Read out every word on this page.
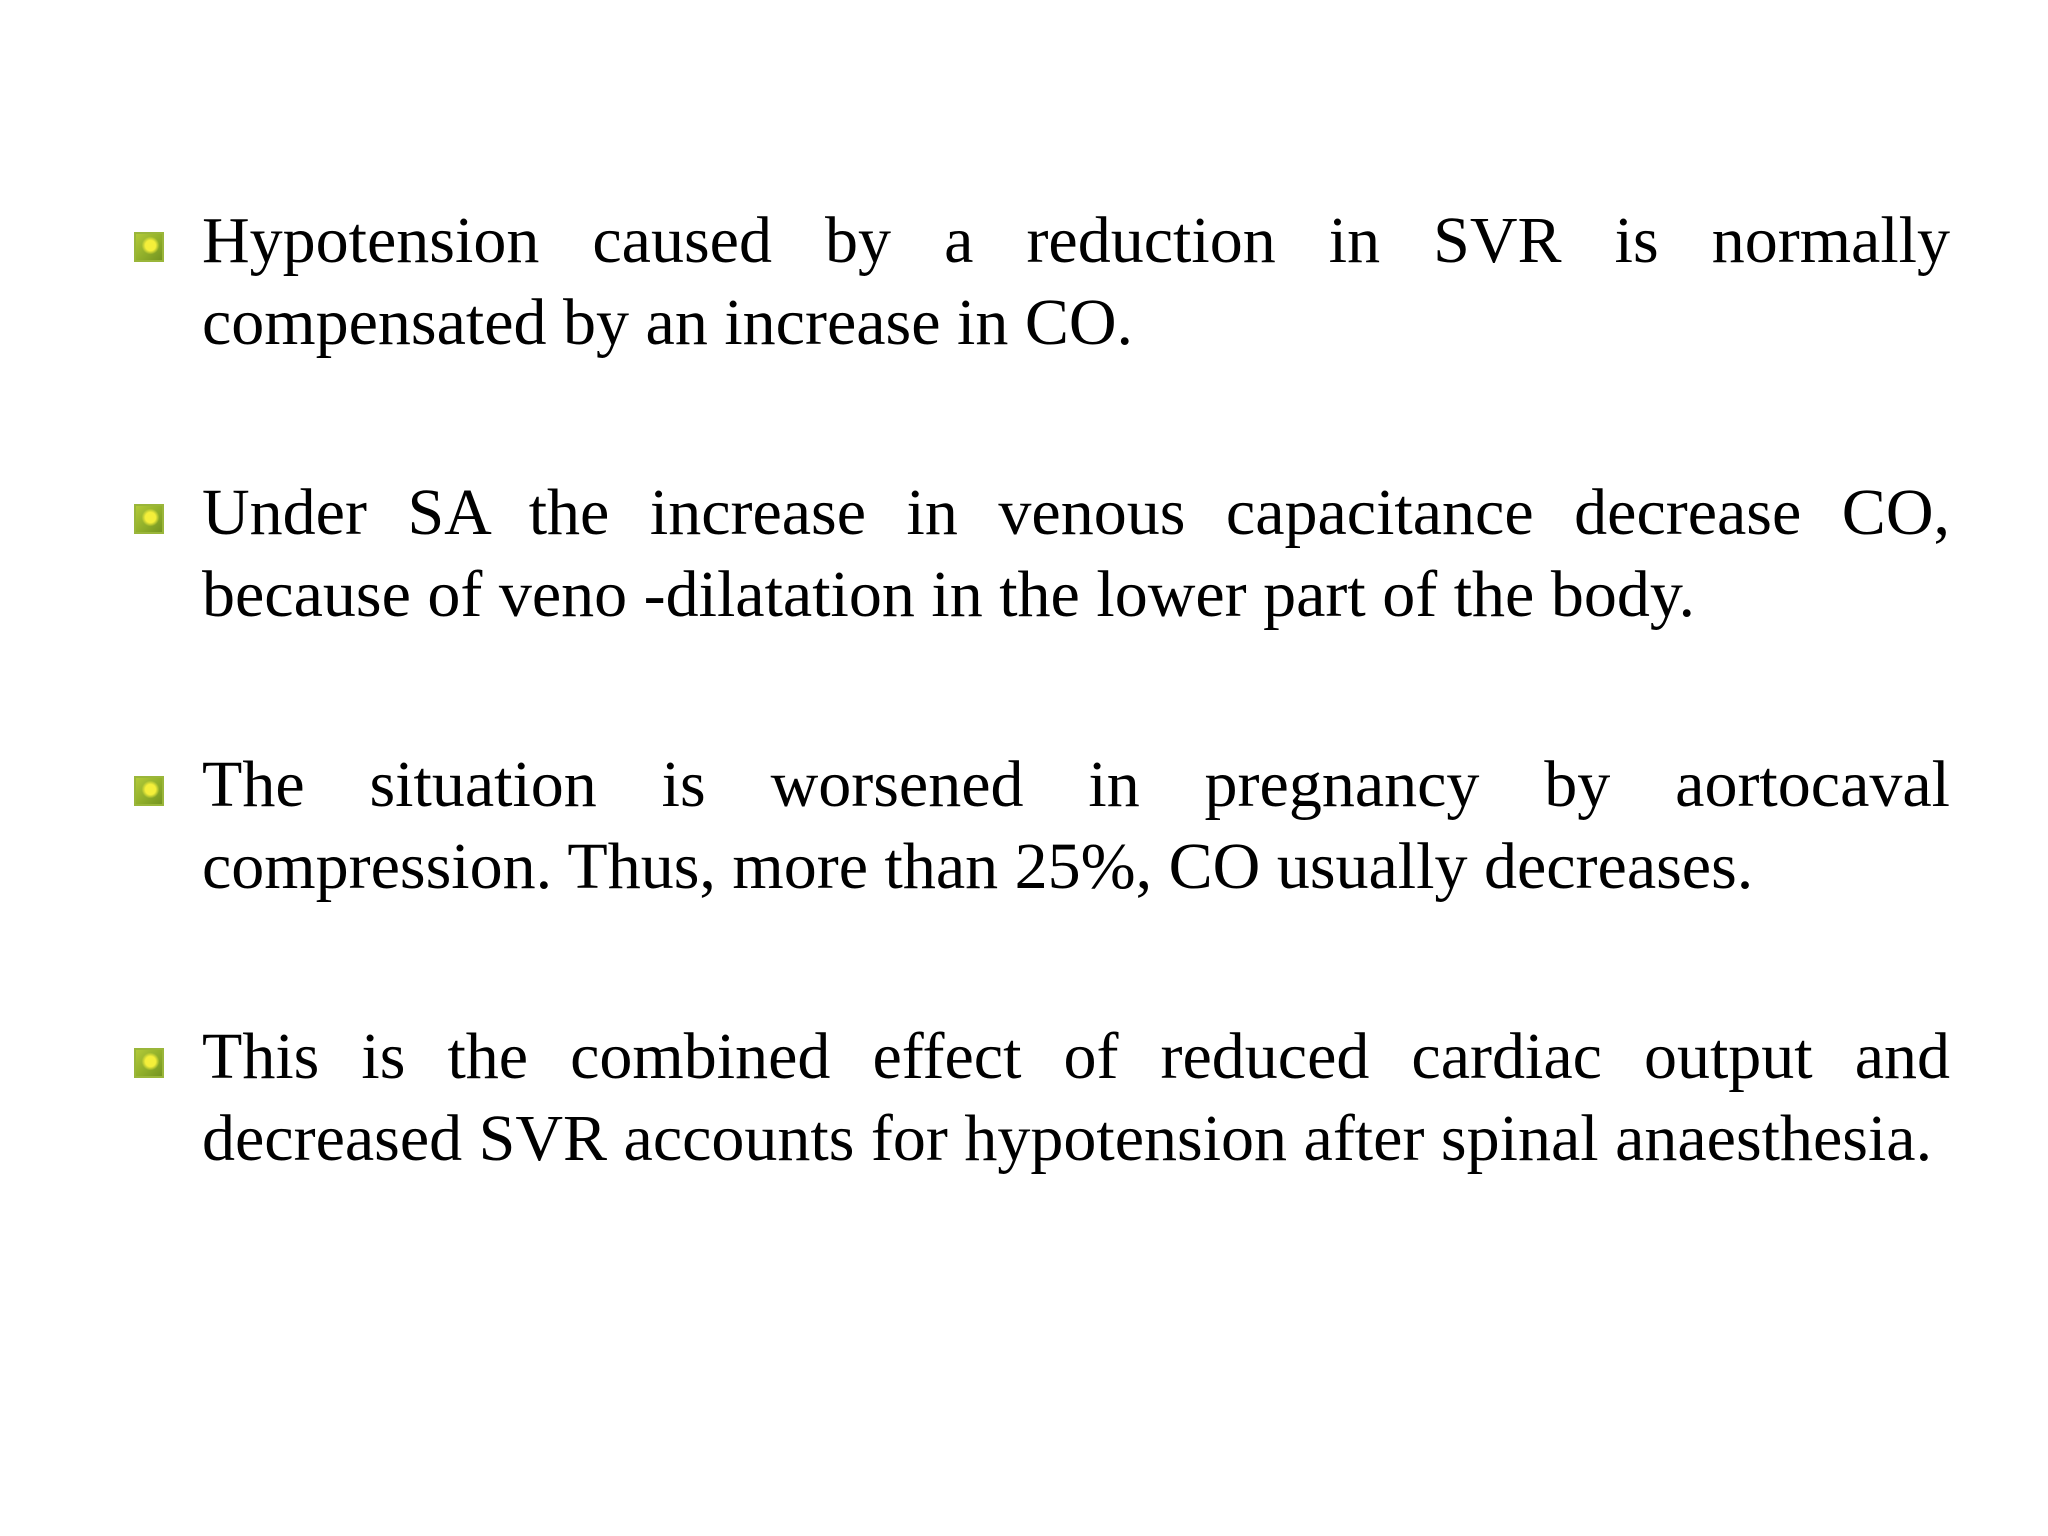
Hypotension caused by a reduction in SVR is normally compensated by an increase in CO.
Under SA the increase in venous capacitance decrease CO, because of veno -dilatation in the lower part of the body.
The situation is worsened in pregnancy by aortocaval compression. Thus, more than 25%, CO usually decreases.
This is the combined effect of reduced cardiac output and decreased SVR accounts for hypotension after spinal anaesthesia.
